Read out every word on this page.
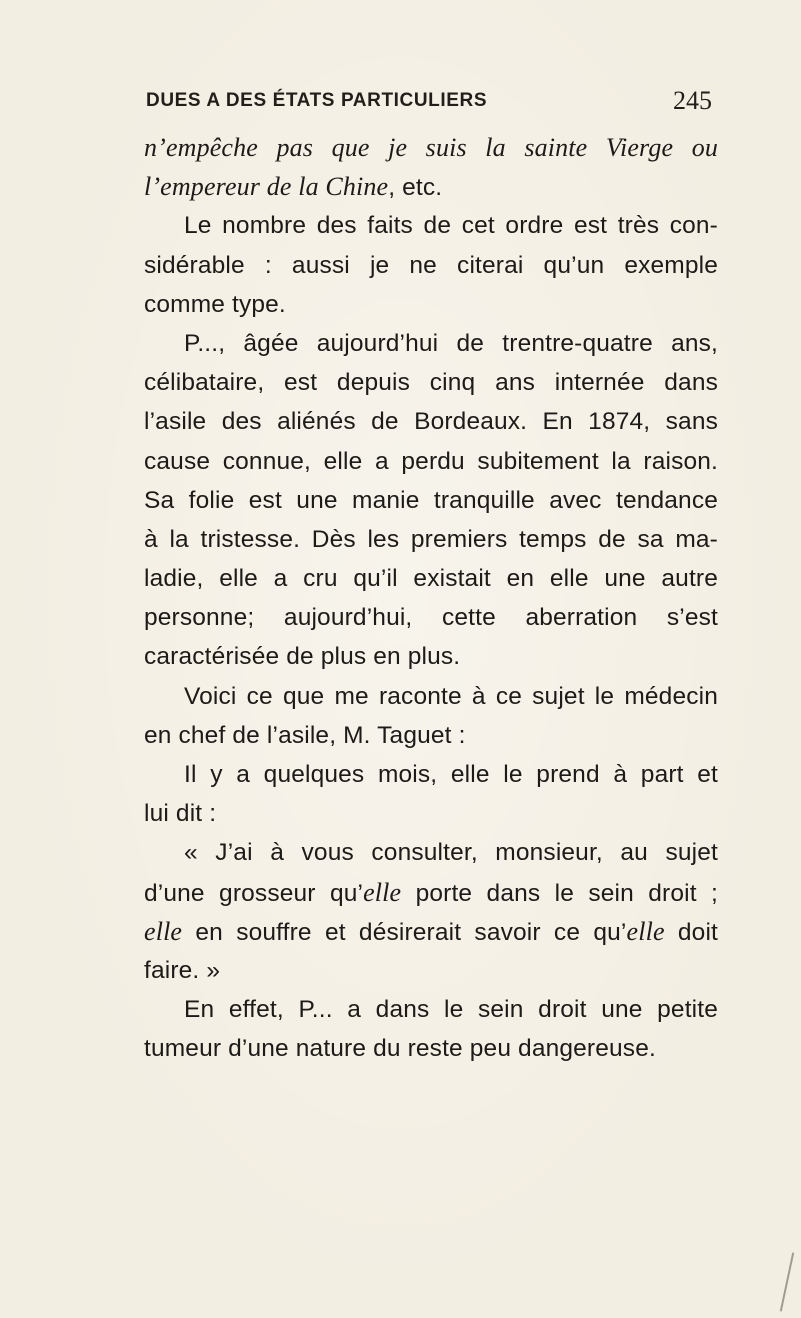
DUES A DES ÉTATS PARTICULIERS	245
n’empêche pas que je suis la sainte Vierge ou
l’empereur de la Chine, etc.
Le nombre des faits de cet ordre est très con-
sidérable : aussi je ne citerai qu’un exemple
comme type.
P..., âgée aujourd’hui de trentre-quatre ans,
célibataire, est depuis cinq ans internée dans
l’asile des aliénés de Bordeaux. En 1874, sans
cause connue, elle a perdu subitement la raison.
Sa folie est une manie tranquille avec tendance
à la tristesse. Dès les premiers temps de sa ma-
ladie, elle a cru qu’il existait en elle une autre
personne; aujourd’hui, cette aberration s’est
caractérisée de plus en plus.
Voici ce que me raconte à ce sujet le médecin
en chef de l’asile, M. Taguet :
Il y a quelques mois, elle le prend à part et
lui dit :
« J’ai à vous consulter, monsieur, au sujet
d’une grosseur qu’elle porte dans le sein droit ;
elle en souffre et désirerait savoir ce qu’elle doit
faire. »
En effet, P... a dans le sein droit une petite
tumeur d’une nature du reste peu dangereuse.
